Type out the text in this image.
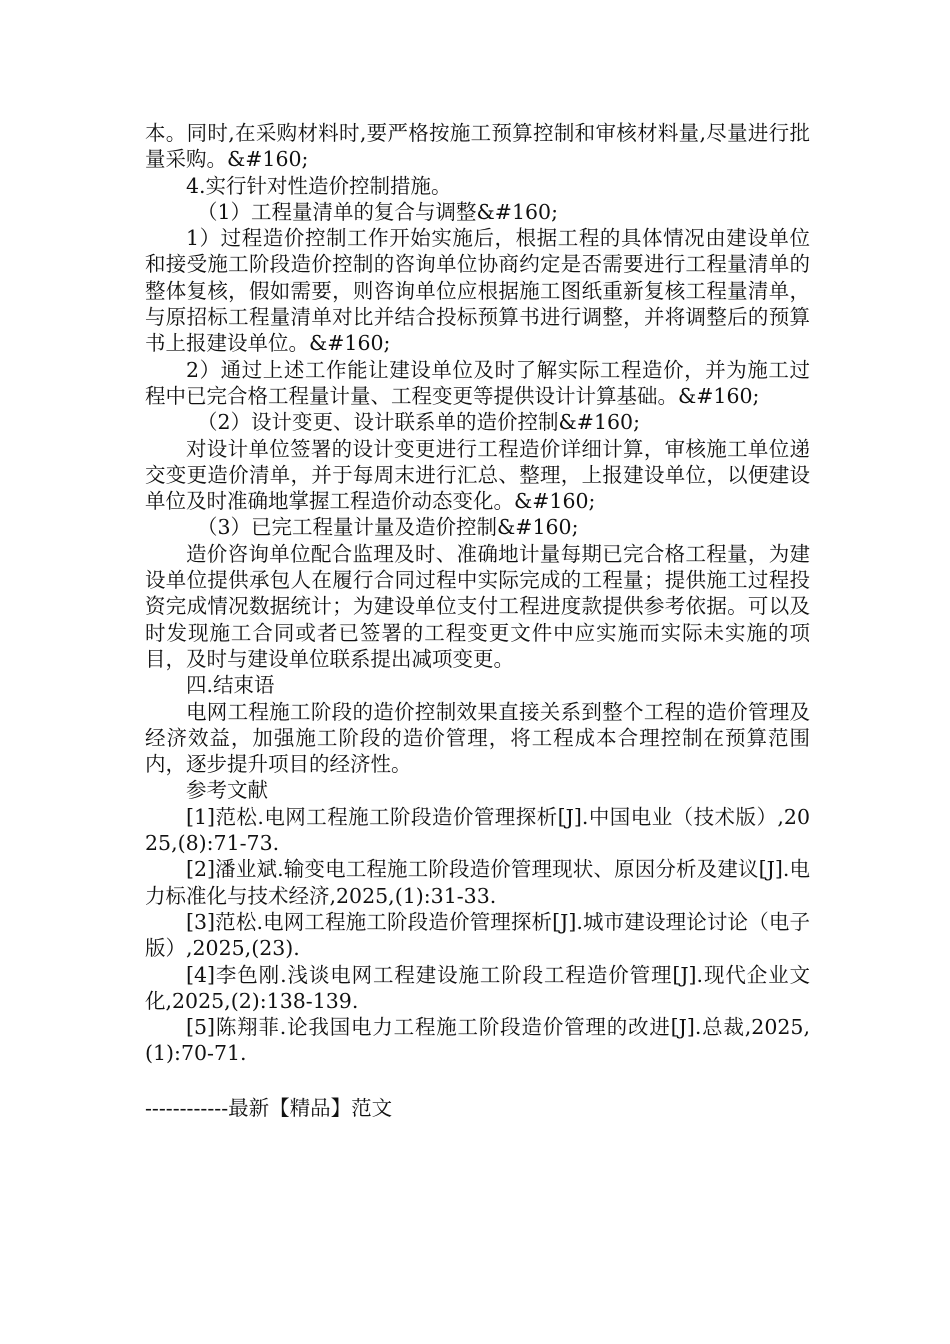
本。同时,在采购材料时,要严格按施工预算控制和审核材料量,尽量进行批量采购。&#160;

4.实行针对性造价控制措施。

（1）工程量清单的复合与调整&#160;

1）过程造价控制工作开始实施后，根据工程的具体情况由建设单位和接受施工阶段造价控制的咨询单位协商约定是否需要进行工程量清单的整体复核，假如需要，则咨询单位应根据施工图纸重新复核工程量清单，与原招标工程量清单对比并结合投标预算书进行调整，并将调整后的预算书上报建设单位。&#160;

2）通过上述工作能让建设单位及时了解实际工程造价，并为施工过程中已完合格工程量计量、工程变更等提供设计计算基础。&#160;

（2）设计变更、设计联系单的造价控制&#160;

对设计单位签署的设计变更进行工程造价详细计算，审核施工单位递交变更造价清单，并于每周末进行汇总、整理，上报建设单位，以便建设单位及时准确地掌握工程造价动态变化。&#160;

（3）已完工程量计量及造价控制&#160;

造价咨询单位配合监理及时、准确地计量每期已完合格工程量，为建设单位提供承包人在履行合同过程中实际完成的工程量；提供施工过程投资完成情况数据统计；为建设单位支付工程进度款提供参考依据。可以及时发现施工合同或者已签署的工程变更文件中应实施而实际未实施的项目，及时与建设单位联系提出减项变更。

四.结束语

电网工程施工阶段的造价控制效果直接关系到整个工程的造价管理及经济效益，加强施工阶段的造价管理，将工程成本合理控制在预算范围内，逐步提升项目的经济性。

参考文献

[1]范松.电网工程施工阶段造价管理探析[J].中国电业（技术版）,2025,(8):71-73.

[2]潘业斌.输变电工程施工阶段造价管理现状、原因分析及建议[J].电力标准化与技术经济,2025,(1):31-33.

[3]范松.电网工程施工阶段造价管理探析[J].城市建设理论讨论（电子版）,2025,(23).

[4]李色刚.浅谈电网工程建设施工阶段工程造价管理[J].现代企业文化,2025,(2):138-139.

[5]陈翔菲.论我国电力工程施工阶段造价管理的改进[J].总裁,2025,(1):70-71.

------------最新【精品】范文
